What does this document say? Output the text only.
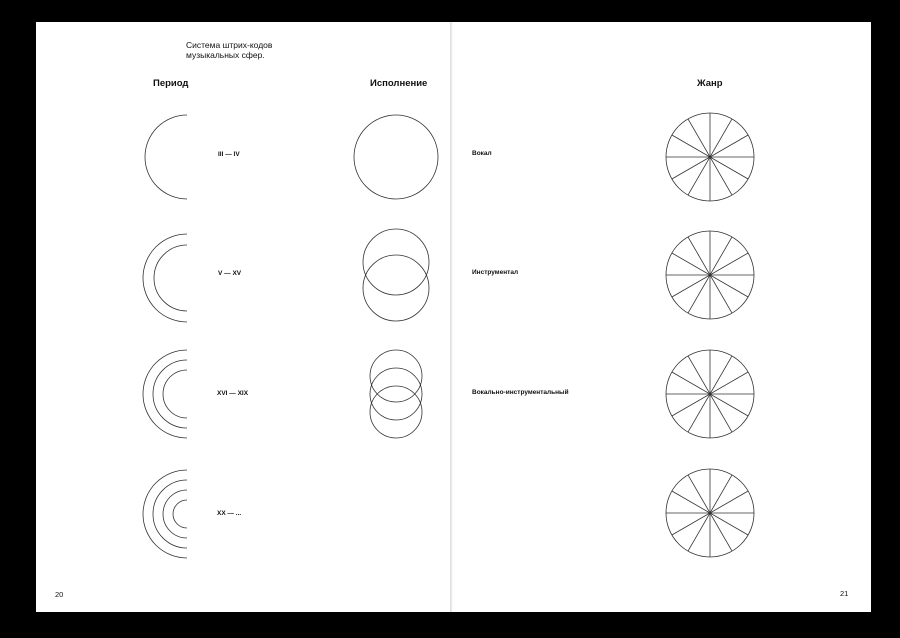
Система штрих-кодов музыкальных сфер.
Период	Исполнение	Жанр
III — IV
V — XV
XVI — XIX
XX — ...
Вокал
Инструментал
Вокально-инструментальный
20	21
